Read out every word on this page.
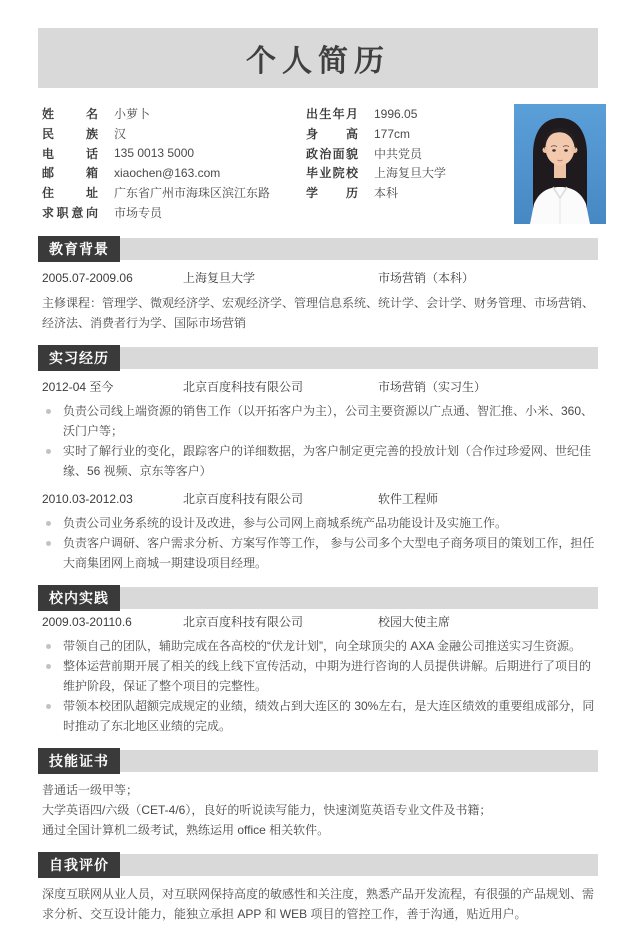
个人简历
姓名 小萝卜
民族 汉
电话 135 0013 5000
邮箱 xiaochen@163.com
住址 广东省广州市海珠区滨江东路
求职意向 市场专员
出生年月 1996.05
身高 177cm
政治面貌 中共党员
毕业院校 上海复旦大学
学历 本科
教育背景
2005.07-2009.06	上海复旦大学	市场营销（本科）
主修课程：管理学、微观经济学、宏观经济学、管理信息系统、统计学、会计学、财务管理、市场营销、经济法、消费者行为学、国际市场营销
实习经历
2012-04 至今	北京百度科技有限公司	市场营销（实习生）
负责公司线上端资源的销售工作（以开拓客户为主），公司主要资源以广点通、智汇推、小米、360、沃门户等；
实时了解行业的变化，跟踪客户的详细数据，为客户制定更完善的投放计划（合作过珍爱网、世纪佳缘、56 视频、京东等客户）
2010.03-2012.03	北京百度科技有限公司	软件工程师
负责公司业务系统的设计及改进，参与公司网上商城系统产品功能设计及实施工作。
负责客户调研、客户需求分析、方案写作等工作， 参与公司多个大型电子商务项目的策划工作，担任大商集团网上商城一期建设项目经理。
校内实践
2009.03-20110.6	北京百度科技有限公司	校园大使主席
带领自己的团队，辅助完成在各高校的“伏龙计划”，向全球顶尖的 AXA 金融公司推送实习生资源。
整体运营前期开展了相关的线上线下宣传活动，中期为进行咨询的人员提供讲解。后期进行了项目的维护阶段，保证了整个项目的完整性。
带领本校团队超额完成规定的业绩，绩效占到大连区的 30%左右，是大连区绩效的重要组成部分，同时推动了东北地区业绩的完成。
技能证书
普通话一级甲等；
大学英语四/六级（CET-4/6），良好的听说读写能力，快速浏览英语专业文件及书籍；
通过全国计算机二级考试，熟练运用 office 相关软件。
自我评价
深度互联网从业人员，对互联网保持高度的敏感性和关注度，熟悉产品开发流程，有很强的产品规划、需求分析、交互设计能力，能独立承担 APP 和 WEB 项目的管控工作，善于沟通，贴近用户。
